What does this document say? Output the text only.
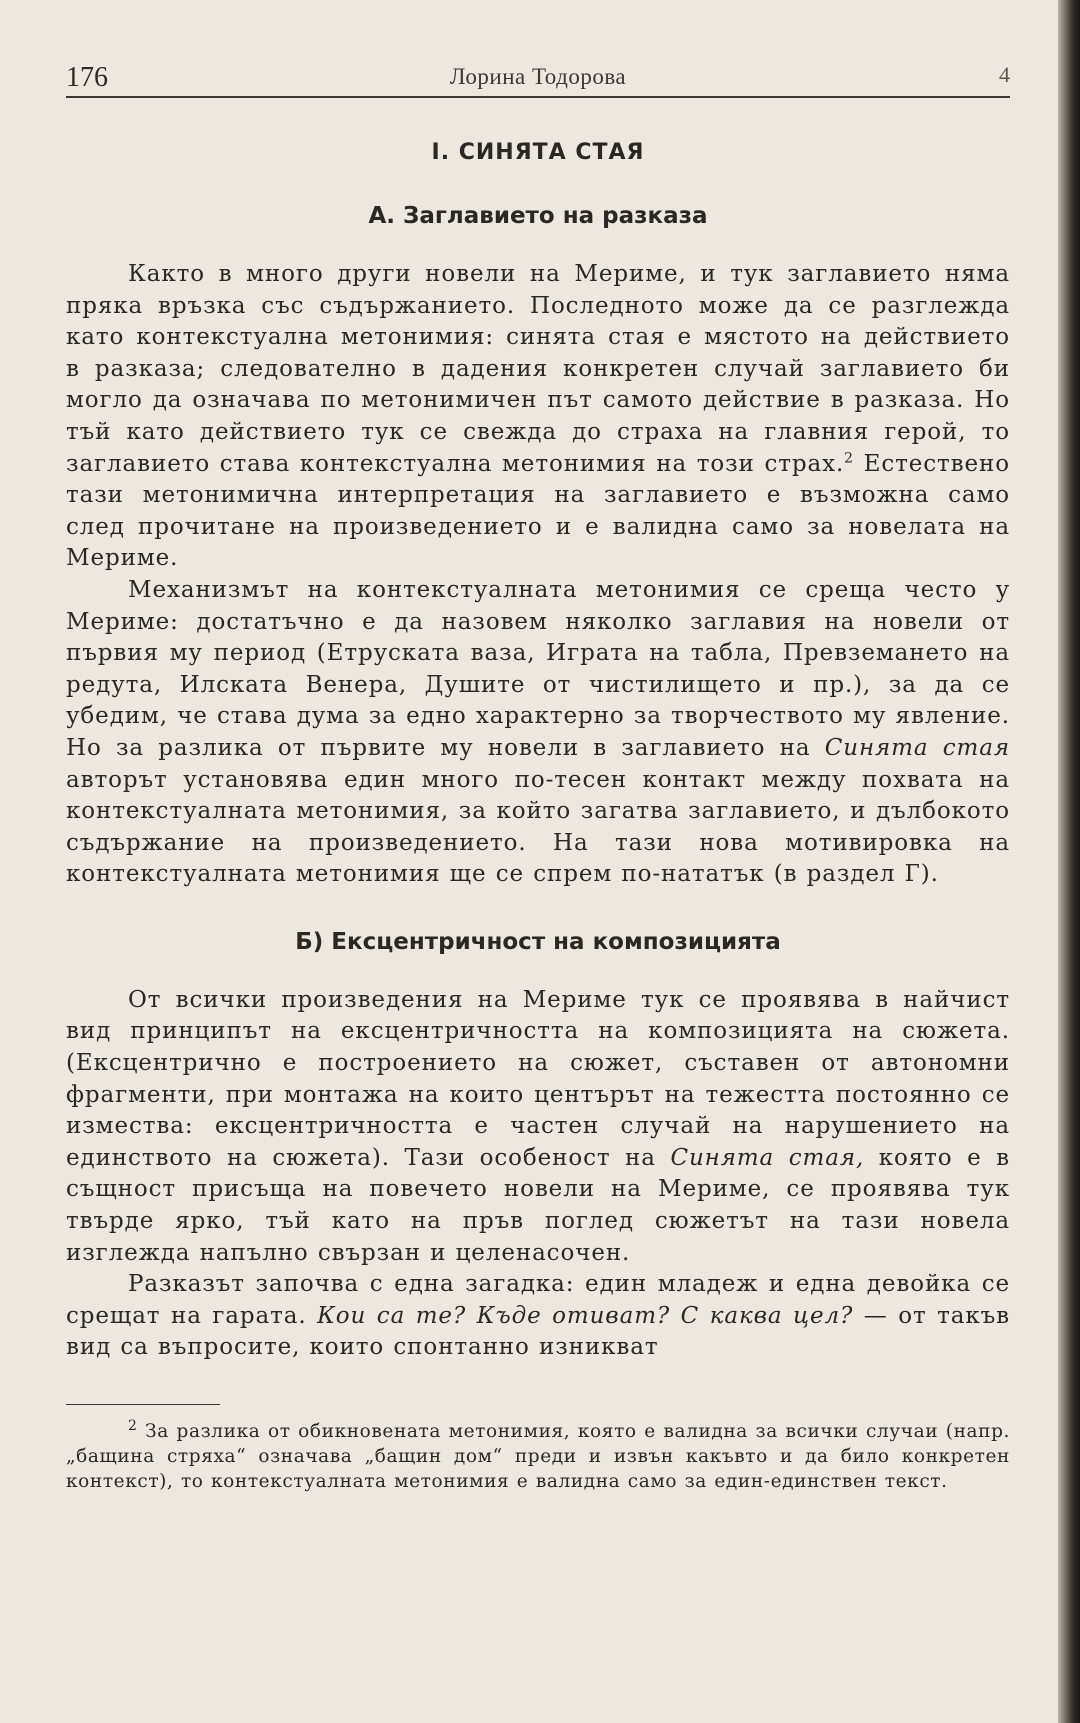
176	Лорина Тодорова	4
I. СИНЯТА СТАЯ
А. Заглавието на разказа

Както в много други новели на Мериме, и тук заглавието няма пряка връзка със съдържанието. Последното може да се разглежда като контекстуална метонимия: синята стая е мястото на действието в разказа; следователно в дадения конкретен случай заглавието би могло да означава по метонимичен път самото действие в разказа. Но тъй като действието тук се свежда до страха на главния герой, то заглавието става контекстуална метонимия на този страх.$^2$ Естествено тази метонимична интерпретация на заглавието е възможна само след прочитане на произведението и е валидна само за новелата на Мериме.

Механизмът на контекстуалната метонимия се среща често у Мериме: достатъчно е да назовем няколко заглавия на новели от първия му период (Етруската ваза, Играта на табла, Превземането на редута, Илската Венера, Душите от чистилището и пр.), за да се убедим, че става дума за едно характерно за творчеството му явление. Но за разлика от първите му новели в заглавието на Синята стая авторът установява един много по-тесен контакт между похвата на контекстуалната метонимия, за който загатва заглавието, и дълбокото съдържание на произведението. На тази нова мотивировка на контекстуалната метонимия ще се спрем по-нататък (в раздел Г).

Б) Ексцентричност на композицията

От всички произведения на Мериме тук се проявява в найчист вид принципът на ексцентричността на композицията на сюжета. (Ексцентрично е построението на сюжет, съставен от автономни фрагменти, при монтажа на които центърът на тежестта постоянно се измества: ексцентричността е частен случай на нарушението на единството на сюжета). Тази особеност на Синята стая, която е в същност присъща на повечето новели на Мериме, се проявява тук твърде ярко, тъй като на пръв поглед сюжетът на тази новела изглежда напълно свързан и целенасочен.

Разказът започва с една загадка: един младеж и една девойка се срещат на гарата. Кои са те? Къде отиват? С каква цел? — от такъв вид са въпросите, които спонтанно изникват

$^2$ За разлика от обикновената метонимия, която е валидна за всички случаи (напр. „бащина стряха“ означава „бащин дом“ преди и извън какъвто и да било конкретен контекст), то контекстуалната метонимия е валидна само за един-единствен текст.
